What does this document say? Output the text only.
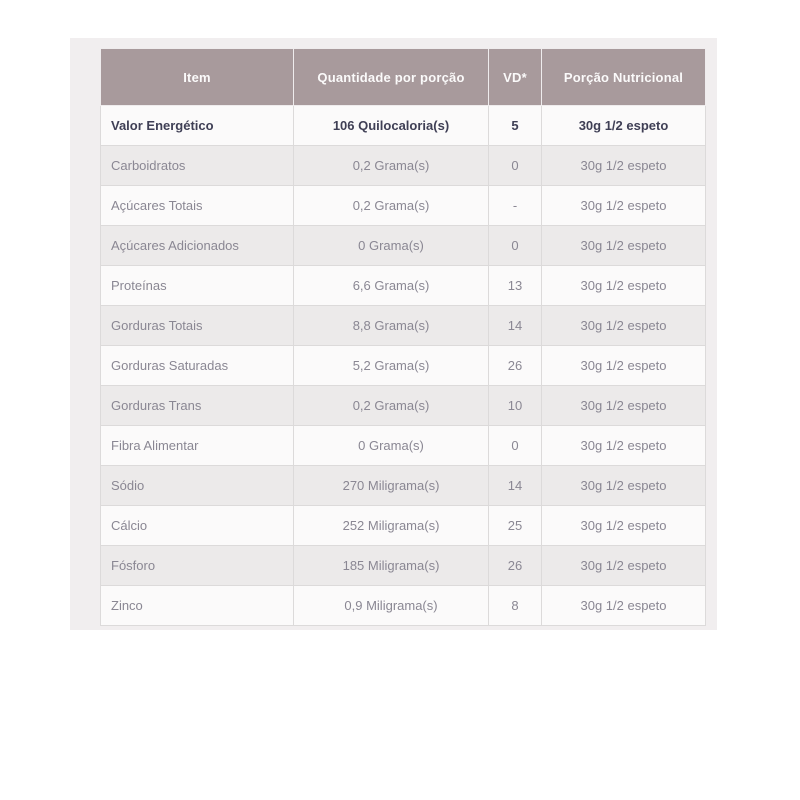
Item	Quantidade por porção	VD*	Porção Nutricional
Valor Energético	106 Quilocaloria(s)	5	30g 1/2 espeto
Carboidratos	0,2 Grama(s)	0	30g 1/2 espeto
Açúcares Totais	0,2 Grama(s)	-	30g 1/2 espeto
Açúcares Adicionados	0 Grama(s)	0	30g 1/2 espeto
Proteínas	6,6 Grama(s)	13	30g 1/2 espeto
Gorduras Totais	8,8 Grama(s)	14	30g 1/2 espeto
Gorduras Saturadas	5,2 Grama(s)	26	30g 1/2 espeto
Gorduras Trans	0,2 Grama(s)	10	30g 1/2 espeto
Fibra Alimentar	0 Grama(s)	0	30g 1/2 espeto
Sódio	270 Miligrama(s)	14	30g 1/2 espeto
Cálcio	252 Miligrama(s)	25	30g 1/2 espeto
Fósforo	185 Miligrama(s)	26	30g 1/2 espeto
Zinco	0,9 Miligrama(s)	8	30g 1/2 espeto
